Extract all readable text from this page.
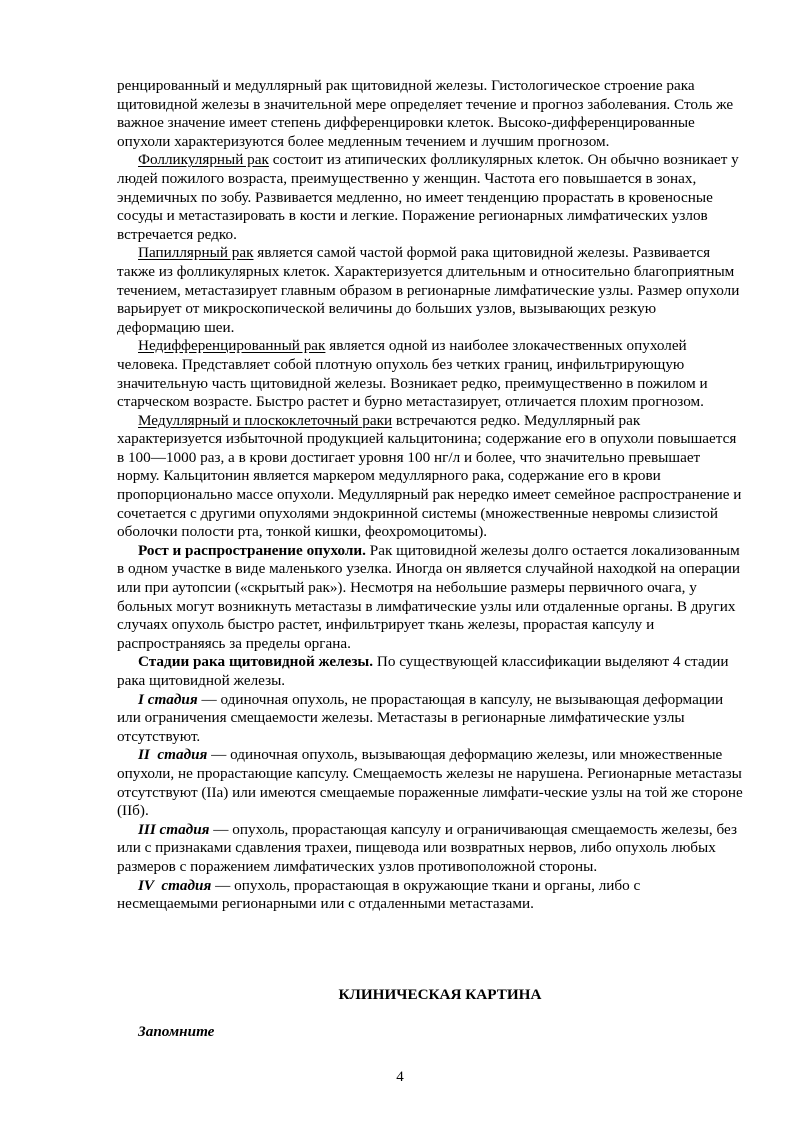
ренцированный и медуллярный рак щитовидной железы. Гистологическое строение рака щитовидной железы в значительной мере определяет течение и прогноз заболевания. Столь же важное значение имеет степень дифференцировки клеток. Высоко-дифференцированные опухоли характеризуются более медленным течением и лучшим прогнозом.

Фолликулярный рак состоит из атипических фолликулярных клеток. Он обычно возникает у людей пожилого возраста, преимущественно у женщин. Частота его повышается в зонах, эндемичных по зобу. Развивается медленно, но имеет тенденцию прорастать в кровеносные сосуды и метастазировать в кости и легкие. Поражение регионарных лимфатических узлов встречается редко.

Папиллярный рак является самой частой формой рака щитовидной железы. Развивается также из фолликулярных клеток. Характеризуется длительным и относительно благоприятным течением, метастазирует главным образом в регионарные лимфатические узлы. Размер опухоли варьирует от микроскопической величины до больших узлов, вызывающих резкую деформацию шеи.

Недифференцированный рак является одной из наиболее злокачественных опухолей человека. Представляет собой плотную опухоль без четких границ, инфильтрирующую значительную часть щитовидной железы. Возникает редко, преимущественно в пожилом и старческом возрасте. Быстро растет и бурно метастазирует, отличается плохим прогнозом.

Медуллярный и плоскоклеточный раки встречаются редко. Медуллярный рак характеризуется избыточной продукцией кальцитонина; содержание его в опухоли повышается в 100—1000 раз, а в крови достигает уровня 100 нг/л и более, что значительно превышает норму. Кальцитонин является маркером медуллярного рака, содержание его в крови пропорционально массе опухоли. Медуллярный рак нередко имеет семейное распространение и сочетается с другими опухолями эндокринной системы (множественные невромы слизистой оболочки полости рта, тонкой кишки, феохромоцитомы).

Рост и распространение опухоли. Рак щитовидной железы долго остается локализованным в одном участке в виде маленького узелка. Иногда он является случайной находкой на операции или при аутопсии («скрытый рак»). Несмотря на небольшие размеры первичного очага, у больных могут возникнуть метастазы в лимфатические узлы или отдаленные органы. В других случаях опухоль быстро растет, инфильтрирует ткань железы, прорастая капсулу и распространяясь за пределы органа.

Стадии рака щитовидной железы. По существующей классификации выделяют 4 стадии рака щитовидной железы.

I стадия — одиночная опухоль, не прорастающая в капсулу, не вызывающая деформации или ограничения смещаемости железы. Метастазы в регионарные лимфатические узлы отсутствуют.

II  стадия — одиночная опухоль, вызывающая деформацию железы, или множественные опухоли, не прорастающие капсулу. Смещаемость железы не нарушена. Регионарные метастазы отсутствуют (IIа) или имеются смещаемые пораженные лимфати-ческие узлы на той же стороне (IIб).

III стадия — опухоль, прорастающая капсулу и ограничивающая смещаемость железы, без или с признаками сдавления трахеи, пищевода или возвратных нервов, либо опухоль любых размеров с поражением лимфатических узлов противоположной стороны.

IV  стадия — опухоль, прорастающая в окружающие ткани и органы, либо с несмещаемыми регионарными или с отдаленными метастазами.

КЛИНИЧЕСКАЯ КАРТИНА
Запомните
4
